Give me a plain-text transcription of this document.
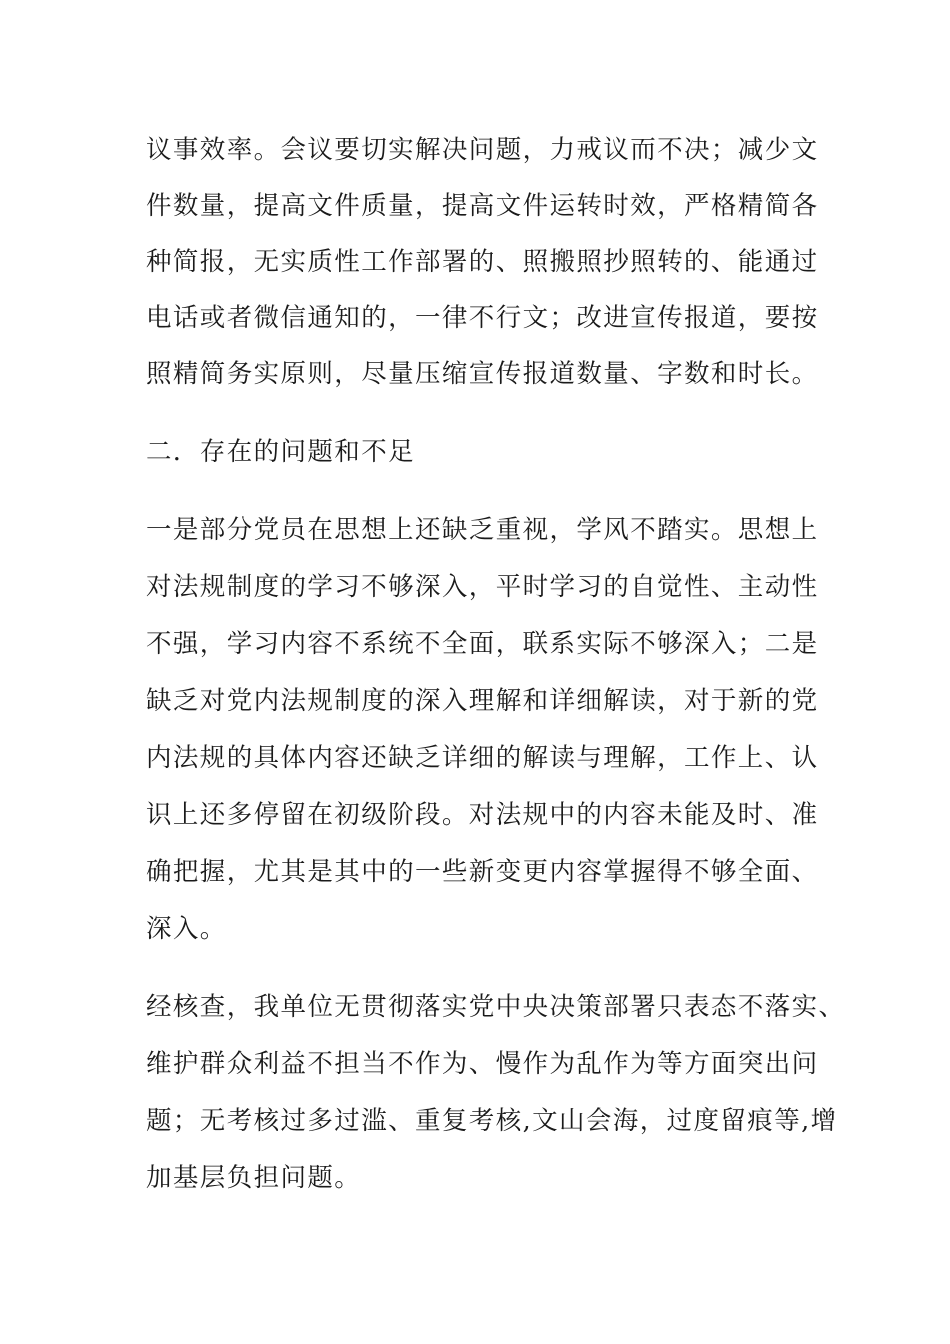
议事效率。会议要切实解决问题，力戒议而不决；减少文
件数量，提高文件质量，提高文件运转时效，严格精简各
种简报，无实质性工作部署的、照搬照抄照转的、能通过
电话或者微信通知的，一律不行文；改进宣传报道，要按
照精简务实原则，尽量压缩宣传报道数量、字数和时长。
二．存在的问题和不足
一是部分党员在思想上还缺乏重视，学风不踏实。思想上
对法规制度的学习不够深入，平时学习的自觉性、主动性
不强，学习内容不系统不全面，联系实际不够深入；二是
缺乏对党内法规制度的深入理解和详细解读，对于新的党
内法规的具体内容还缺乏详细的解读与理解，工作上、认
识上还多停留在初级阶段。对法规中的内容未能及时、准
确把握，尤其是其中的一些新变更内容掌握得不够全面、
深入。
经核查，我单位无贯彻落实党中央决策部署只表态不落实、
维护群众利益不担当不作为、慢作为乱作为等方面突出问
题；无考核过多过滥、重复考核,文山会海，过度留痕等,增
加基层负担问题。
